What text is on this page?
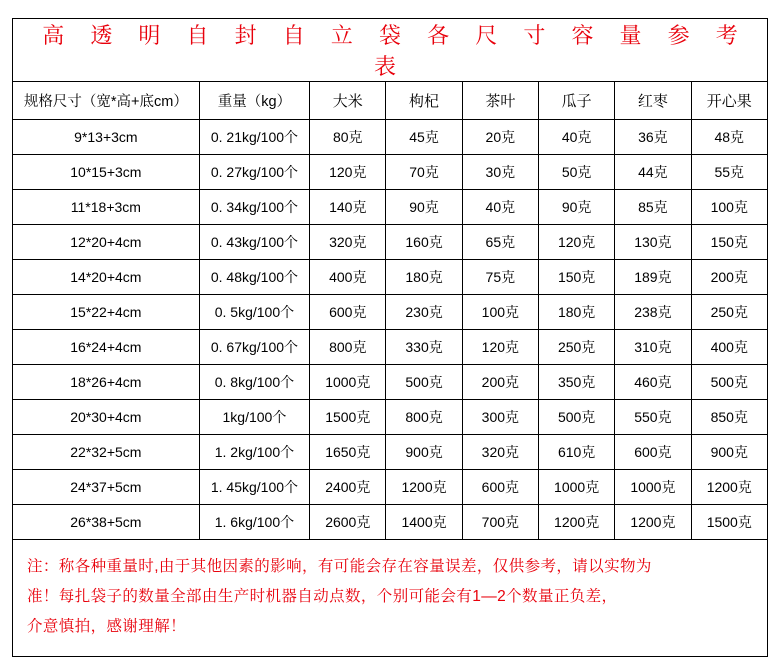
高 透 明 自 封 自 立 袋 各 尺 寸 容 量 参 考 表							
规格尺寸（宽*高+底cm）	重量（kg）	大米	枸杞	茶叶	瓜子	红枣	开心果
9*13+3cm	0. 21kg/100个	80克	45克	20克	40克	36克	48克
10*15+3cm	0. 27kg/100个	120克	70克	30克	50克	44克	55克
11*18+3cm	0. 34kg/100个	140克	90克	40克	90克	85克	100克
12*20+4cm	0. 43kg/100个	320克	160克	65克	120克	130克	150克
14*20+4cm	0. 48kg/100个	400克	180克	75克	150克	189克	200克
15*22+4cm	0. 5kg/100个	600克	230克	100克	180克	238克	250克
16*24+4cm	0. 67kg/100个	800克	330克	120克	250克	310克	400克
18*26+4cm	0. 8kg/100个	1000克	500克	200克	350克	460克	500克
20*30+4cm	1kg/100个	1500克	800克	300克	500克	550克	850克
22*32+5cm	1. 2kg/100个	1650克	900克	320克	610克	600克	900克
24*37+5cm	1. 45kg/100个	2400克	1200克	600克	1000克	1000克	1200克
26*38+5cm	1. 6kg/100个	2600克	1400克	700克	1200克	1200克	1500克
注：称各种重量时,由于其他因素的影响，有可能会存在容量误差，仅供参考，请以实物为
准！每扎袋子的数量全部由生产时机器自动点数，个别可能会有1—2个数量正负差，
介意慎拍，感谢理解！
